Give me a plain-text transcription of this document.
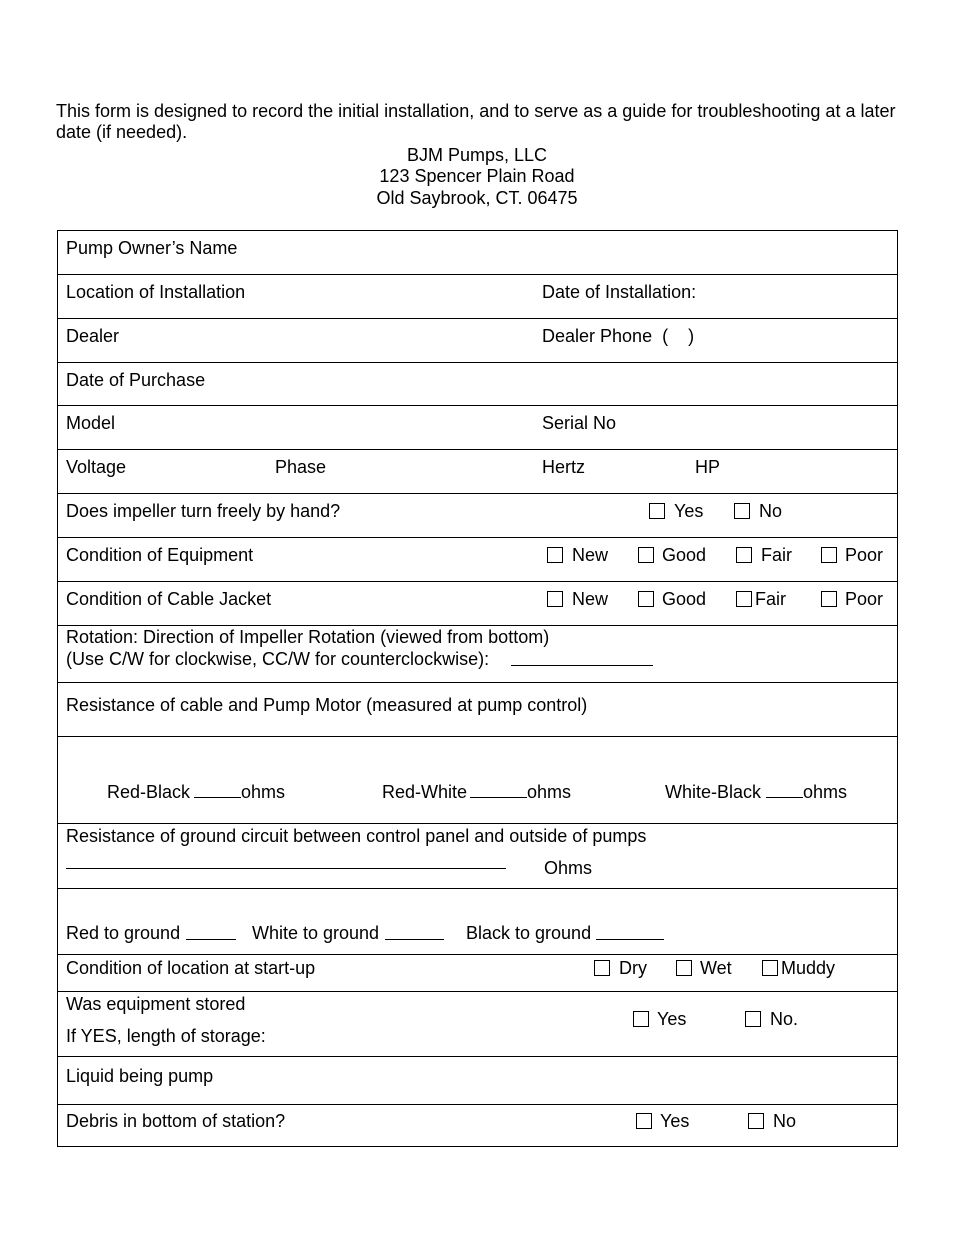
This form is designed to record the initial installation, and to serve as a guide for troubleshooting at a later date (if needed).
BJM Pumps, LLC
123 Spencer Plain Road
Old Saybrook, CT. 06475
Pump Owner’s Name
Location of Installation	Date of Installation:
Dealer	Dealer Phone  (    )
Date of Purchase
Model	Serial No
Voltage	Phase	Hertz	HP
Does impeller turn freely by hand?	Yes	No
Condition of Equipment	New	Good	Fair	Poor
Condition of Cable Jacket	New	Good	Fair	Poor
Rotation: Direction of Impeller Rotation (viewed from bottom)
(Use C/W for clockwise, CC/W for counterclockwise):
Resistance of cable and Pump Motor (measured at pump control)
Red-Black	ohms	Red-White	ohms	White-Black ohms
Resistance of ground circuit between control panel and outside of pumps
Ohms
Red to ground	White to ground	Black to ground
Condition of location at start-up	Dry	Wet	Muddy
Was equipment stored
If YES, length of storage:
Yes	No.
Liquid being pump
Debris in bottom of station?	Yes	No
